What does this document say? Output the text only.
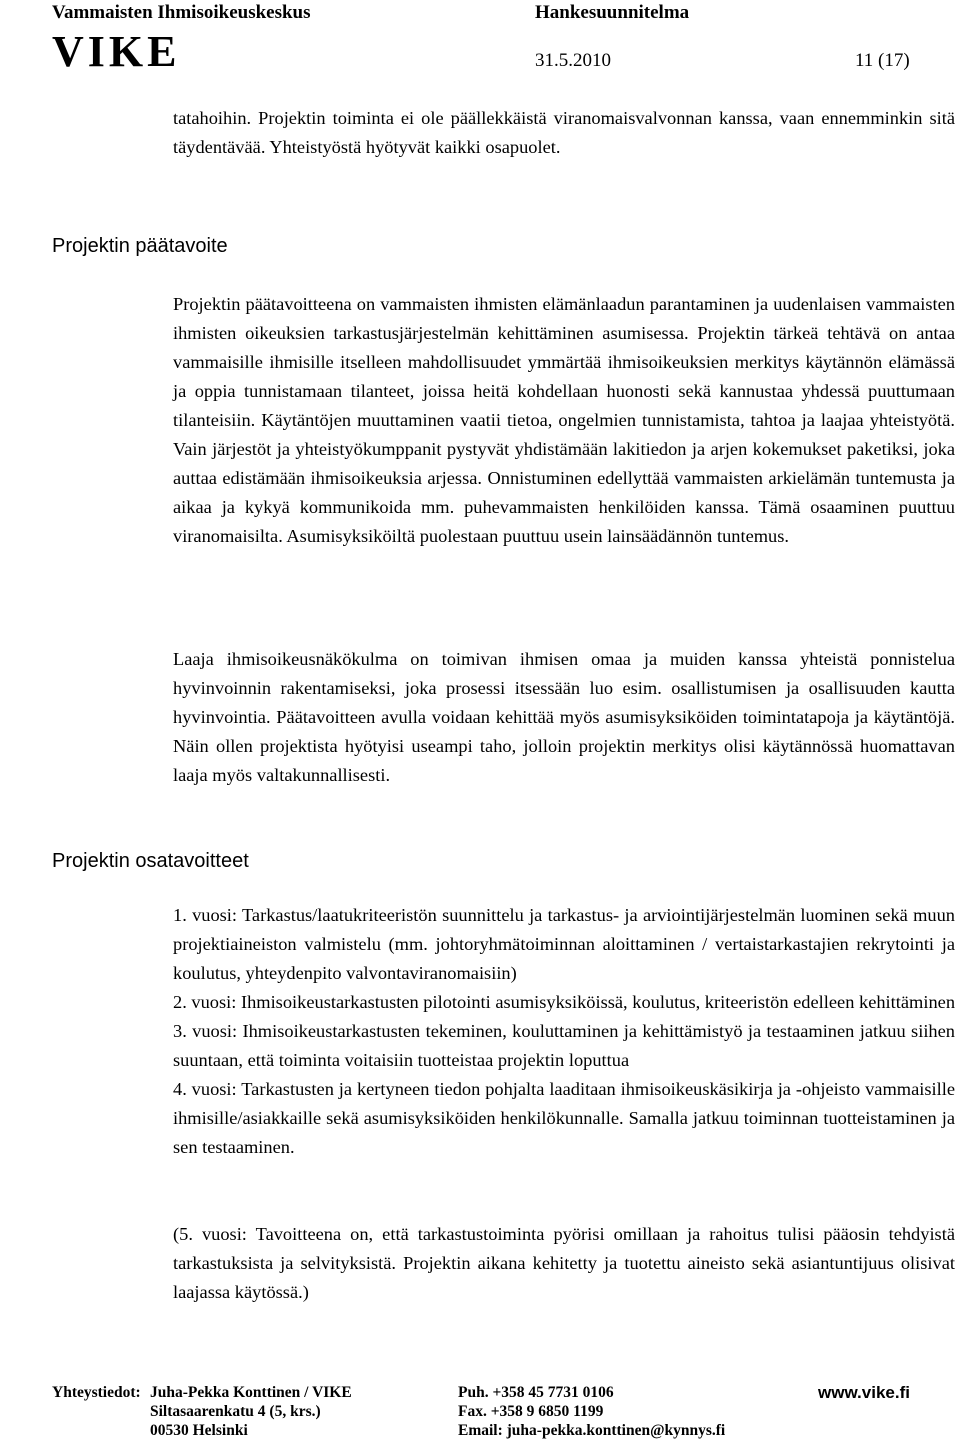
Vammaisten Ihmisoikeuskeskus	Hankesuunnitelma
VIKE	31.5.2010	11 (17)
tatahoihin. Projektin toiminta ei ole päällekkäistä viranomaisvalvonnan kanssa, vaan ennemminkin sitä täydentävää. Yhteistyöstä hyötyvät kaikki osapuolet.
Projektin päätavoite
Projektin päätavoitteena on vammaisten ihmisten elämänlaadun parantaminen ja uudenlaisen vammaisten ihmisten oikeuksien tarkastusjärjestelmän kehittäminen asumisessa. Projektin tärkeä tehtävä on antaa vammaisille ihmisille itselleen mahdollisuudet ymmärtää ihmisoikeuksien merkitys käytännön elämässä ja oppia tunnistamaan tilanteet, joissa heitä kohdellaan huonosti sekä kannustaa yhdessä puuttumaan tilanteisiin. Käytäntöjen muuttaminen vaatii tietoa, ongelmien tunnistamista, tahtoa ja laajaa yhteistyötä. Vain järjestöt ja yhteistyökumppanit pystyvät yhdistämään lakitiedon ja arjen kokemukset paketiksi, joka auttaa edistämään ihmisoikeuksia arjessa. Onnistuminen edellyttää vammaisten arkielämän tuntemusta ja aikaa ja kykyä kommunikoida mm. puhevammaisten henkilöiden kanssa. Tämä osaaminen puuttuu viranomaisilta. Asumisyksiköiltä puolestaan puuttuu usein lainsäädännön tuntemus.
Laaja ihmisoikeusnäkökulma on toimivan ihmisen omaa ja muiden kanssa yhteistä ponnistelua hyvinvoinnin rakentamiseksi, joka prosessi itsessään luo esim. osallistumisen ja osallisuuden kautta hyvinvointia. Päätavoitteen avulla voidaan kehittää myös asumisyksiköiden toimintatapoja ja käytäntöjä. Näin ollen projektista hyötyisi useampi taho, jolloin projektin merkitys olisi käytännössä huomattavan laaja myös valtakunnallisesti.
Projektin osatavoitteet
1. vuosi: Tarkastus/laatukriteeristön suunnittelu ja tarkastus- ja arviointijärjestelmän luominen sekä muun projektiaineiston valmistelu (mm. johtoryhmätoiminnan aloittaminen / vertaistarkastajien rekrytointi ja koulutus, yhteydenpito valvontaviranomaisiin)
2. vuosi: Ihmisoikeustarkastusten pilotointi asumisyksiköissä, koulutus, kriteeristön edelleen kehittäminen
3. vuosi: Ihmisoikeustarkastusten tekeminen, kouluttaminen ja kehittämistyö ja testaaminen jatkuu siihen suuntaan, että toiminta voitaisiin tuotteistaa projektin loputtua
4. vuosi: Tarkastusten ja kertyneen tiedon pohjalta laaditaan ihmisoikeuskäsikirja ja -ohjeisto vammaisille ihmisille/asiakkaille sekä asumisyksiköiden henkilökunnalle. Samalla jatkuu toiminnan tuotteistaminen ja sen testaaminen.
(5. vuosi: Tavoitteena on, että tarkastustoiminta pyörisi omillaan ja rahoitus tulisi pääosin tehdyistä tarkastuksista ja selvityksistä. Projektin aikana kehitetty ja tuotettu aineisto sekä asiantuntijuus olisivat laajassa käytössä.)
Yhteystiedot: Juha-Pekka Konttinen / VIKE
Siltasaarenkatu 4 (5, krs.)
00530 Helsinki
Puh. +358 45 7731 0106
Fax. +358 9 6850 1199
Email: juha-pekka.konttinen@kynnys.fi
www.vike.fi
